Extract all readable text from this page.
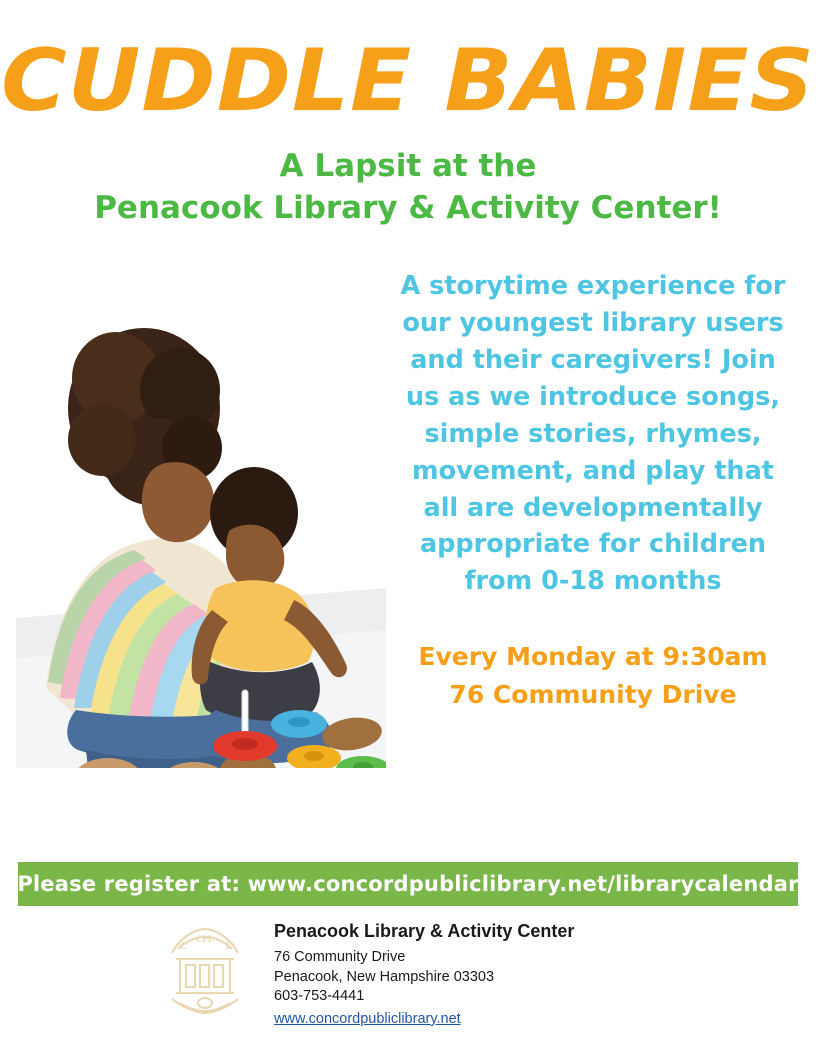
CUDDLE BABIES
A Lapsit at the
Penacook Library & Activity Center!

A storytime experience for our youngest library users and their caregivers! Join us as we introduce songs, simple stories, rhymes, movement, and play that all are developmentally appropriate for children from 0-18 months

Every Monday at 9:30am
76 Community Drive

Please register at: www.concordpubliclibrary.net/librarycalendar
C
CPL
L

Penacook Library & Activity Center

76 Community Drive

Penacook, New Hampshire 03303

603-753-4441

www.concordpubliclibrary.net
